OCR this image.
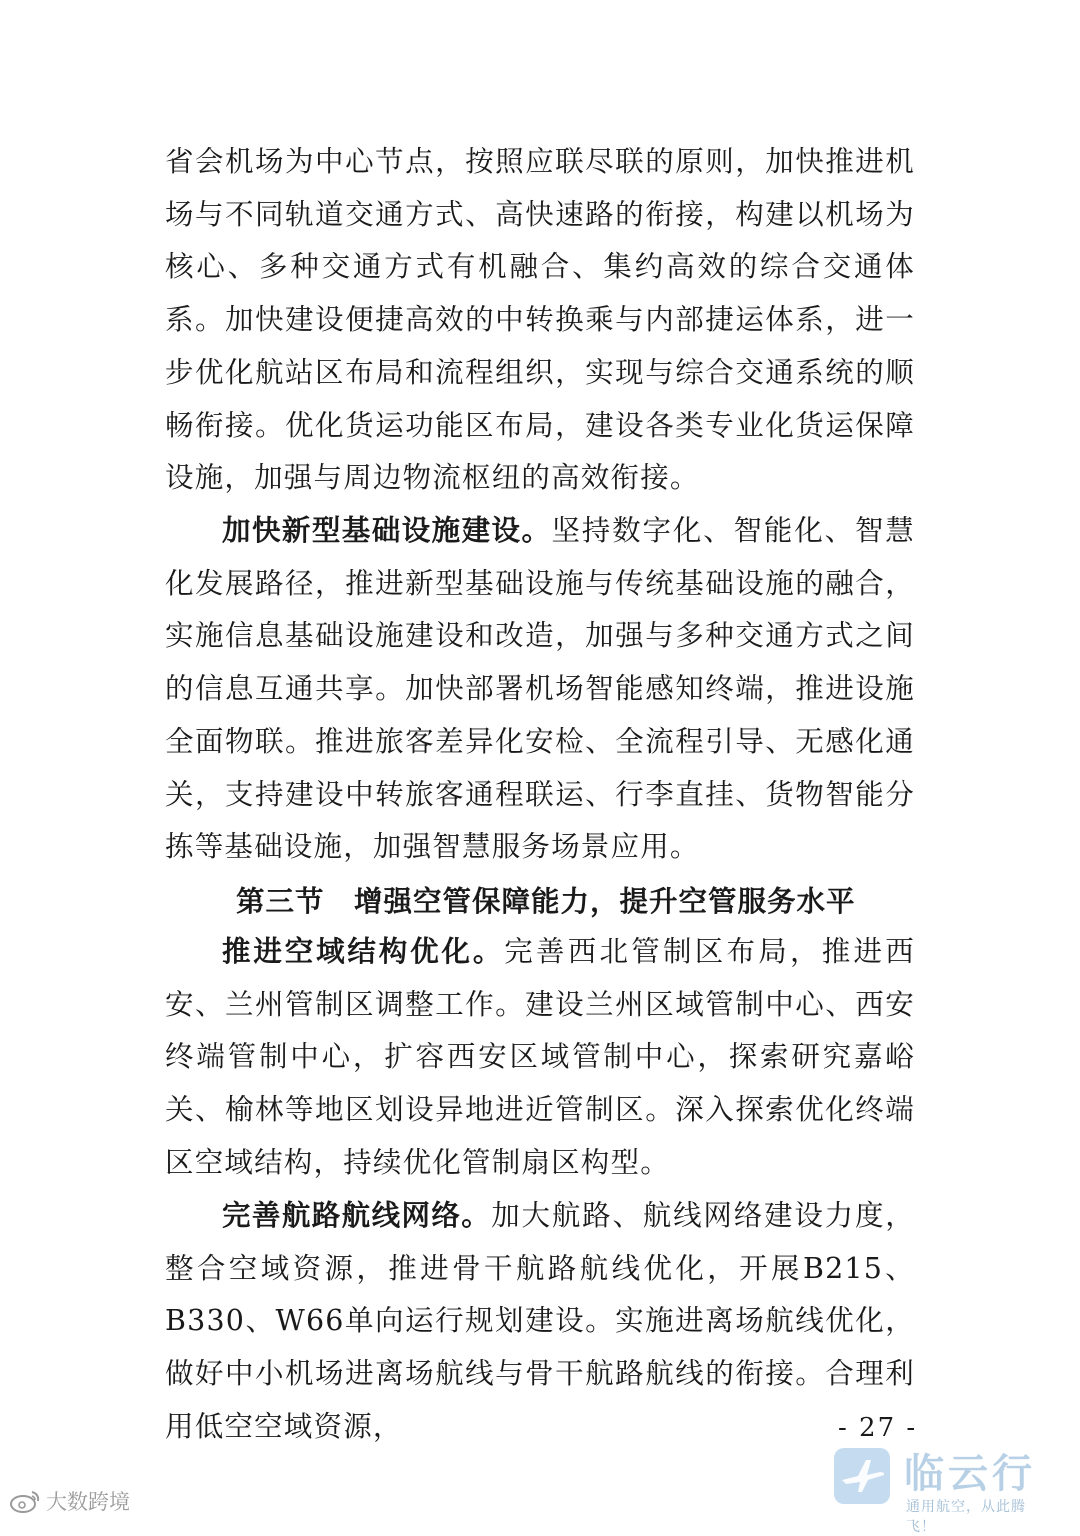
省会机场为中心节点，按照应联尽联的原则，加快推进机场与不同轨道交通方式、高快速路的衔接，构建以机场为核心、多种交通方式有机融合、集约高效的综合交通体系。加快建设便捷高效的中转换乘与内部捷运体系，进一步优化航站区布局和流程组织，实现与综合交通系统的顺畅衔接。优化货运功能区布局，建设各类专业化货运保障设施，加强与周边物流枢纽的高效衔接。

加快新型基础设施建设。坚持数字化、智能化、智慧化发展路径，推进新型基础设施与传统基础设施的融合，实施信息基础设施建设和改造，加强与多种交通方式之间的信息互通共享。加快部署机场智能感知终端，推进设施全面物联。推进旅客差异化安检、全流程引导、无感化通关，支持建设中转旅客通程联运、行李直挂、货物智能分拣等基础设施，加强智慧服务场景应用。

第三节　增强空管保障能力，提升空管服务水平

推进空域结构优化。完善西北管制区布局，推进西安、兰州管制区调整工作。建设兰州区域管制中心、西安终端管制中心，扩容西安区域管制中心，探索研究嘉峪关、榆林等地区划设异地进近管制区。深入探索优化终端区空域结构，持续优化管制扇区构型。

完善航路航线网络。加大航路、航线网络建设力度，整合空域资源，推进骨干航路航线优化，开展B215、B330、W66单向运行规划建设。实施进离场航线优化，做好中小机场进离场航线与骨干航路航线的衔接。合理利用低空空域资源，	- 27 -
大数跨境
临云行
通用航空，从此腾飞！
